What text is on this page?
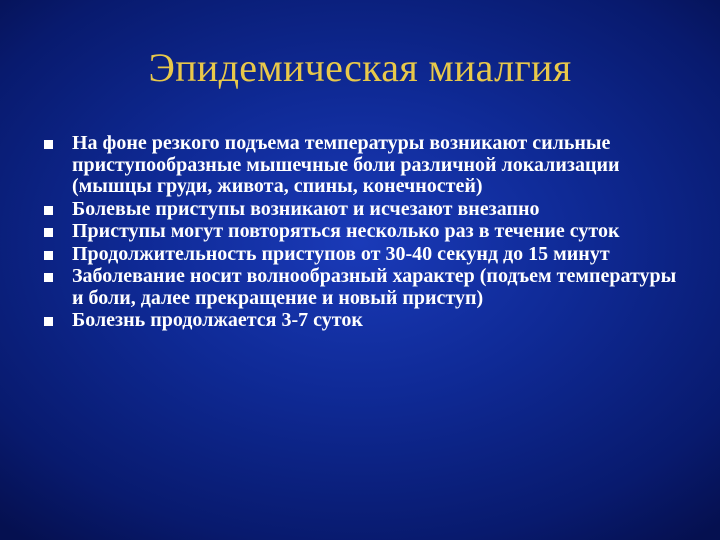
Эпидемическая миалгия
На фоне резкого подъема температуры возникают сильные приступообразные мышечные боли различной локализации (мышцы груди, живота, спины, конечностей)
Болевые приступы возникают и исчезают внезапно
Приступы могут повторяться несколько раз в течение суток
Продолжительность приступов от 30-40 секунд до 15 минут
Заболевание носит волнообразный характер (подъем температуры и боли, далее прекращение и новый приступ)
Болезнь продолжается 3-7 суток
